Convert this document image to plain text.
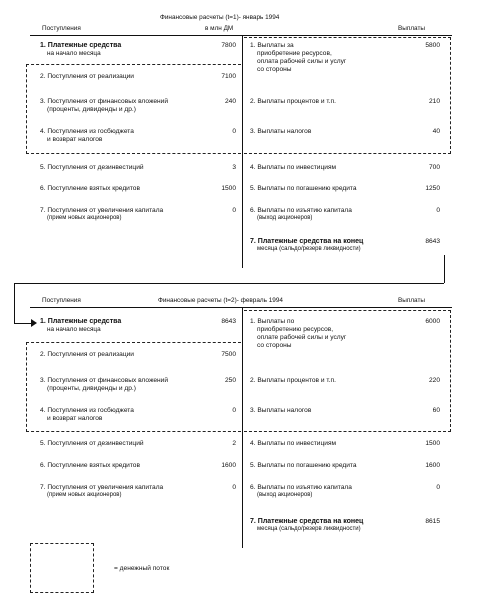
Финансовые расчеты (t=1)- январь 1994
Поступления	в млн ДМ	Выплаты
1. Платежные средства
на начало месяца
7800
2. Поступления от реализации	7100
3. Поступления от финансовых вложений
(проценты, дивиденды и др.)
240
4. Поступления из госбюджета
и возврат налогов
0
5. Поступления от дезинвестиций	3
6. Поступление взятых кредитов	1500
7. Поступления от увеличения капитала
(прием новых акционеров)
0
1. Выплаты за
приобретение ресурсов,
оплата рабочей силы и услуг
со стороны
5800
2. Выплаты процентов и т.п.	210
3. Выплаты налогов	40
4. Выплаты по инвестициям	700
5. Выплаты по погашению кредита	1250
6. Выплаты по изъятию капитала
(выход акционеров)
0
7. Платежные средства на конец
месяца (сальдо/резерв ликвидности)
8643
Поступления	Финансовые расчеты (t=2)- февраль 1994	Выплаты
1. Платежные средства
на начало месяца
8643
2. Поступления от реализации	7500
3. Поступления от финансовых вложений
(проценты, дивиденды и др.)
250
4. Поступления из госбюджета
и возврат налогов
0
5. Поступления от дезинвестиций	2
6. Поступление взятых кредитов	1600
7. Поступления от увеличения капитала
(прием новых акционеров)
0
1. Выплаты по
приобретению ресурсов,
оплате рабочей силы и услуг
со стороны
6000
2. Выплаты процентов и т.п.	220
3. Выплаты налогов	60
4. Выплаты по инвестициям	1500
5. Выплаты по погашению кредита	1600
6. Выплаты по изъятию капитала
(выход акционеров)
0
7. Платежные средства на конец
месяца (сальдо/резерв ликвидности)
8615
= денежный поток
